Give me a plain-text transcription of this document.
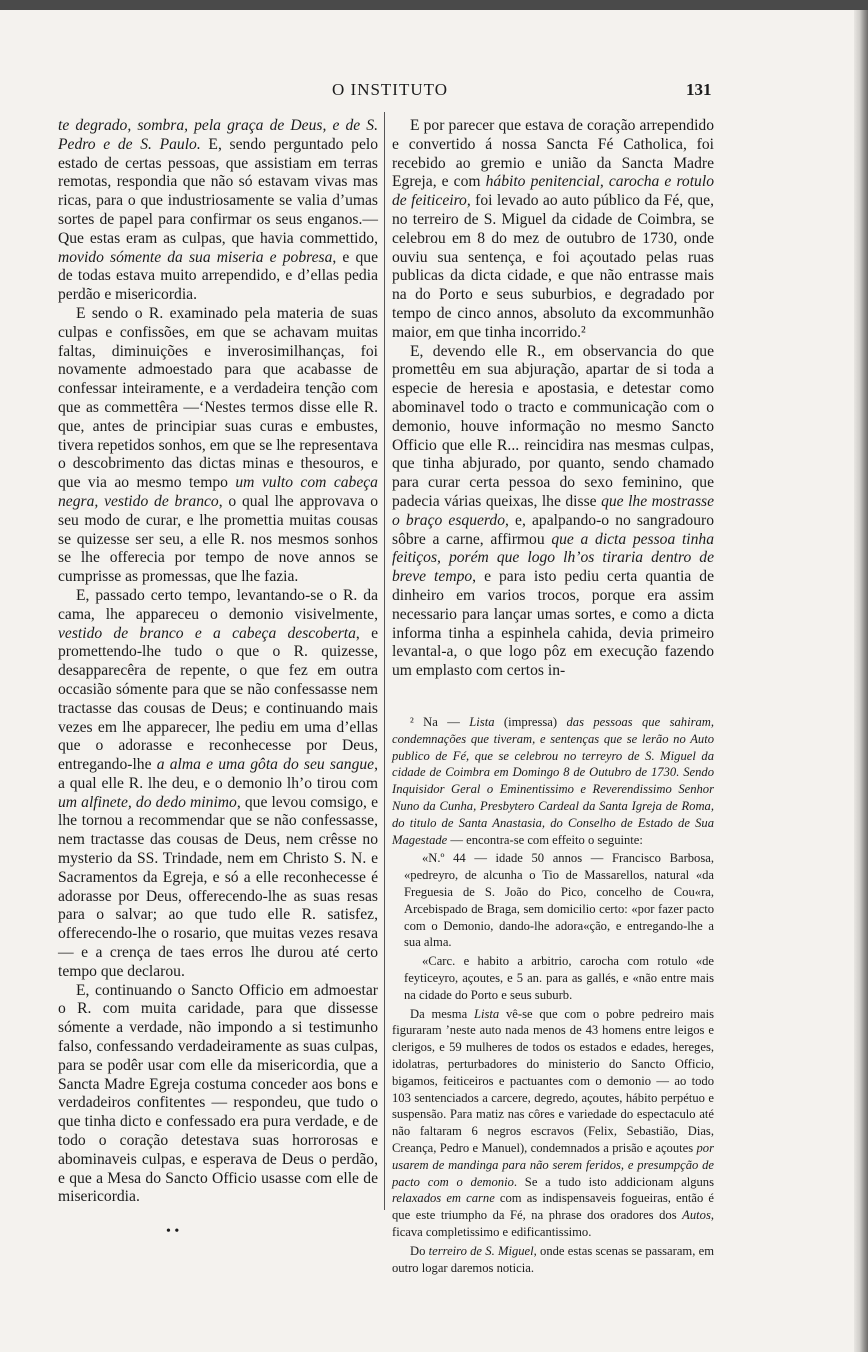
O INSTITUTO	131

te degrado, sombra, pela graça de Deus, e de S. Pedro e de S. Paulo. E, sendo perguntado pelo estado de certas pessoas, que assistiam em terras remotas, respondia que não só estavam vivas mas ricas, para o que industriosamente se valia d’umas sortes de papel para confirmar os seus enganos.— Que estas eram as culpas, que havia commettido, movido sómente da sua miseria e pobresa, e que de todas estava muito arrependido, e d’ellas pedia perdão e misericordia.

E sendo o R. examinado pela materia de suas culpas e confissões, em que se achavam muitas faltas, diminuições e inverosimilhanças, foi novamente admoestado para que acabasse de confessar inteiramente, e a verdadeira tenção com que as commettêra —‘Nestes termos disse elle R. que, antes de principiar suas curas e embustes, tivera repetidos sonhos, em que se lhe representava o descobrimento das dictas minas e thesouros, e que via ao mesmo tempo um vulto com cabeça negra, vestido de branco, o qual lhe approvava o seu modo de curar, e lhe promettia muitas cousas se quizesse ser seu, a elle R. nos mesmos sonhos se lhe offerecia por tempo de nove annos se cumprisse as promessas, que lhe fazia.

E, passado certo tempo, levantando-se o R. da cama, lhe appareceu o demonio visivelmente, vestido de branco e a cabeça descoberta, e promettendo-lhe tudo o que o R. quizesse, desapparecêra de repente, o que fez em outra occasião sómente para que se não confessasse nem tractasse das cousas de Deus; e continuando mais vezes em lhe apparecer, lhe pediu em uma d’ellas que o adorasse e reconhecesse por Deus, entregando-lhe a alma e uma gôta do seu sangue, a qual elle R. lhe deu, e o demonio lh’o tirou com um alfinete, do dedo minimo, que levou comsigo, e lhe tornou a recommendar que se não confessasse, nem tractasse das cousas de Deus, nem crêsse no mysterio da SS. Trindade, nem em Christo S. N. e Sacramentos da Egreja, e só a elle reconhecesse é adorasse por Deus, offerecendo-lhe as suas resas para o salvar; ao que tudo elle R. satisfez, offerecendo-lhe o rosario, que muitas vezes resava — e a crença de taes erros lhe durou até certo tempo que declarou.

E, continuando o Sancto Officio em admoestar o R. com muita caridade, para que dissesse sómente a verdade, não impondo a si testimunho falso, confessando verdadeiramente as suas culpas, para se podêr usar com elle da misericordia, que a Sancta Madre Egreja costuma conceder aos bons e verdadeiros confitentes — respondeu, que tudo o que tinha dicto e confessado era pura verdade, e de todo o coração detestava suas horrorosas e abominaveis culpas, e esperava de Deus o perdão, e que a Mesa do Sancto Officio usasse com elle de misericordia.

E por parecer que estava de coração arrependido e convertido á nossa Sancta Fé Catholica, foi recebido ao gremio e união da Sancta Madre Egreja, e com hábito penitencial, carocha e rotulo de feiticeiro, foi levado ao auto público da Fé, que, no terreiro de S. Miguel da cidade de Coimbra, se celebrou em 8 do mez de outubro de 1730, onde ouviu sua sentença, e foi açoutado pelas ruas publicas da dicta cidade, e que não entrasse mais na do Porto e seus suburbios, e degradado por tempo de cinco annos, absoluto da excommunhão maior, em que tinha incorrido.²

E, devendo elle R., em observancia do que promettêu em sua abjuração, apartar de si toda a especie de heresia e apostasia, e detestar como abominavel todo o tracto e communicação com o demonio, houve informação no mesmo Sancto Officio que elle R... reincidira nas mesmas culpas, que tinha abjurado, por quanto, sendo chamado para curar certa pessoa do sexo feminino, que padecia várias queixas, lhe disse que lhe mostrasse o braço esquerdo, e, apalpando-o no sangradouro sôbre a carne, affirmou que a dicta pessoa tinha feitiços, porém que logo lh’os tiraria dentro de breve tempo, e para isto pediu certa quantia de dinheiro em varios trocos, porque era assim necessario para lançar umas sortes, e como a dicta informa tinha a espinhela cahida, devia primeiro levantal-a, o que logo pôz em execução fazendo um emplasto com certos in-

² Na — Lista (impressa) das pessoas que sahiram, condemnações que tiveram, e sentenças que se lerão no Auto publico de Fé, que se celebrou no terreyro de S. Miguel da cidade de Coimbra em Domingo 8 de Outubro de 1730. Sendo Inquisidor Geral o Eminentissimo e Reverendissimo Senhor Nuno da Cunha, Presbytero Cardeal da Santa Igreja de Roma, do titulo de Santa Anastasia, do Conselho de Estado de Sua Magestade — encontra-se com effeito o seguinte:

«N.º 44 — idade 50 annos — Francisco Barbosa, «pedreyro, de alcunha o Tio de Massarellos, natural «da Freguesia de S. João do Pico, concelho de Cou«ra, Arcebispado de Braga, sem domicilio certo: «por fazer pacto com o Demonio, dando-lhe adora«ção, e entregando-lhe a sua alma.

«Carc. e habito a arbitrio, carocha com rotulo «de feyticeyro, açoutes, e 5 an. para as gallés, e «não entre mais na cidade do Porto e seus suburb.

Da mesma Lista vê-se que com o pobre pedreiro mais figuraram ’neste auto nada menos de 43 homens entre leigos e clerigos, e 59 mulheres de todos os estados e edades, hereges, idolatras, perturbadores do ministerio do Sancto Officio, bigamos, feiticeiros e pactuantes com o demonio — ao todo 103 sentenciados a carcere, degredo, açoutes, hábito perpétuo e suspensão. Para matiz nas côres e variedade do espectaculo até não faltaram 6 negros escravos (Felix, Sebastião, Dias, Creança, Pedro e Manuel), condemnados a prisão e açoutes por usarem de mandinga para não serem feridos, e presumpção de pacto com o demonio. Se a tudo isto addicionam alguns relaxados em carne com as indispensaveis fogueiras, então é que este triumpho da Fé, na phrase dos oradores dos Autos, ficava completissimo e edificantissimo.

Do terreiro de S. Miguel, onde estas scenas se passaram, em outro logar daremos noticia.

• •
